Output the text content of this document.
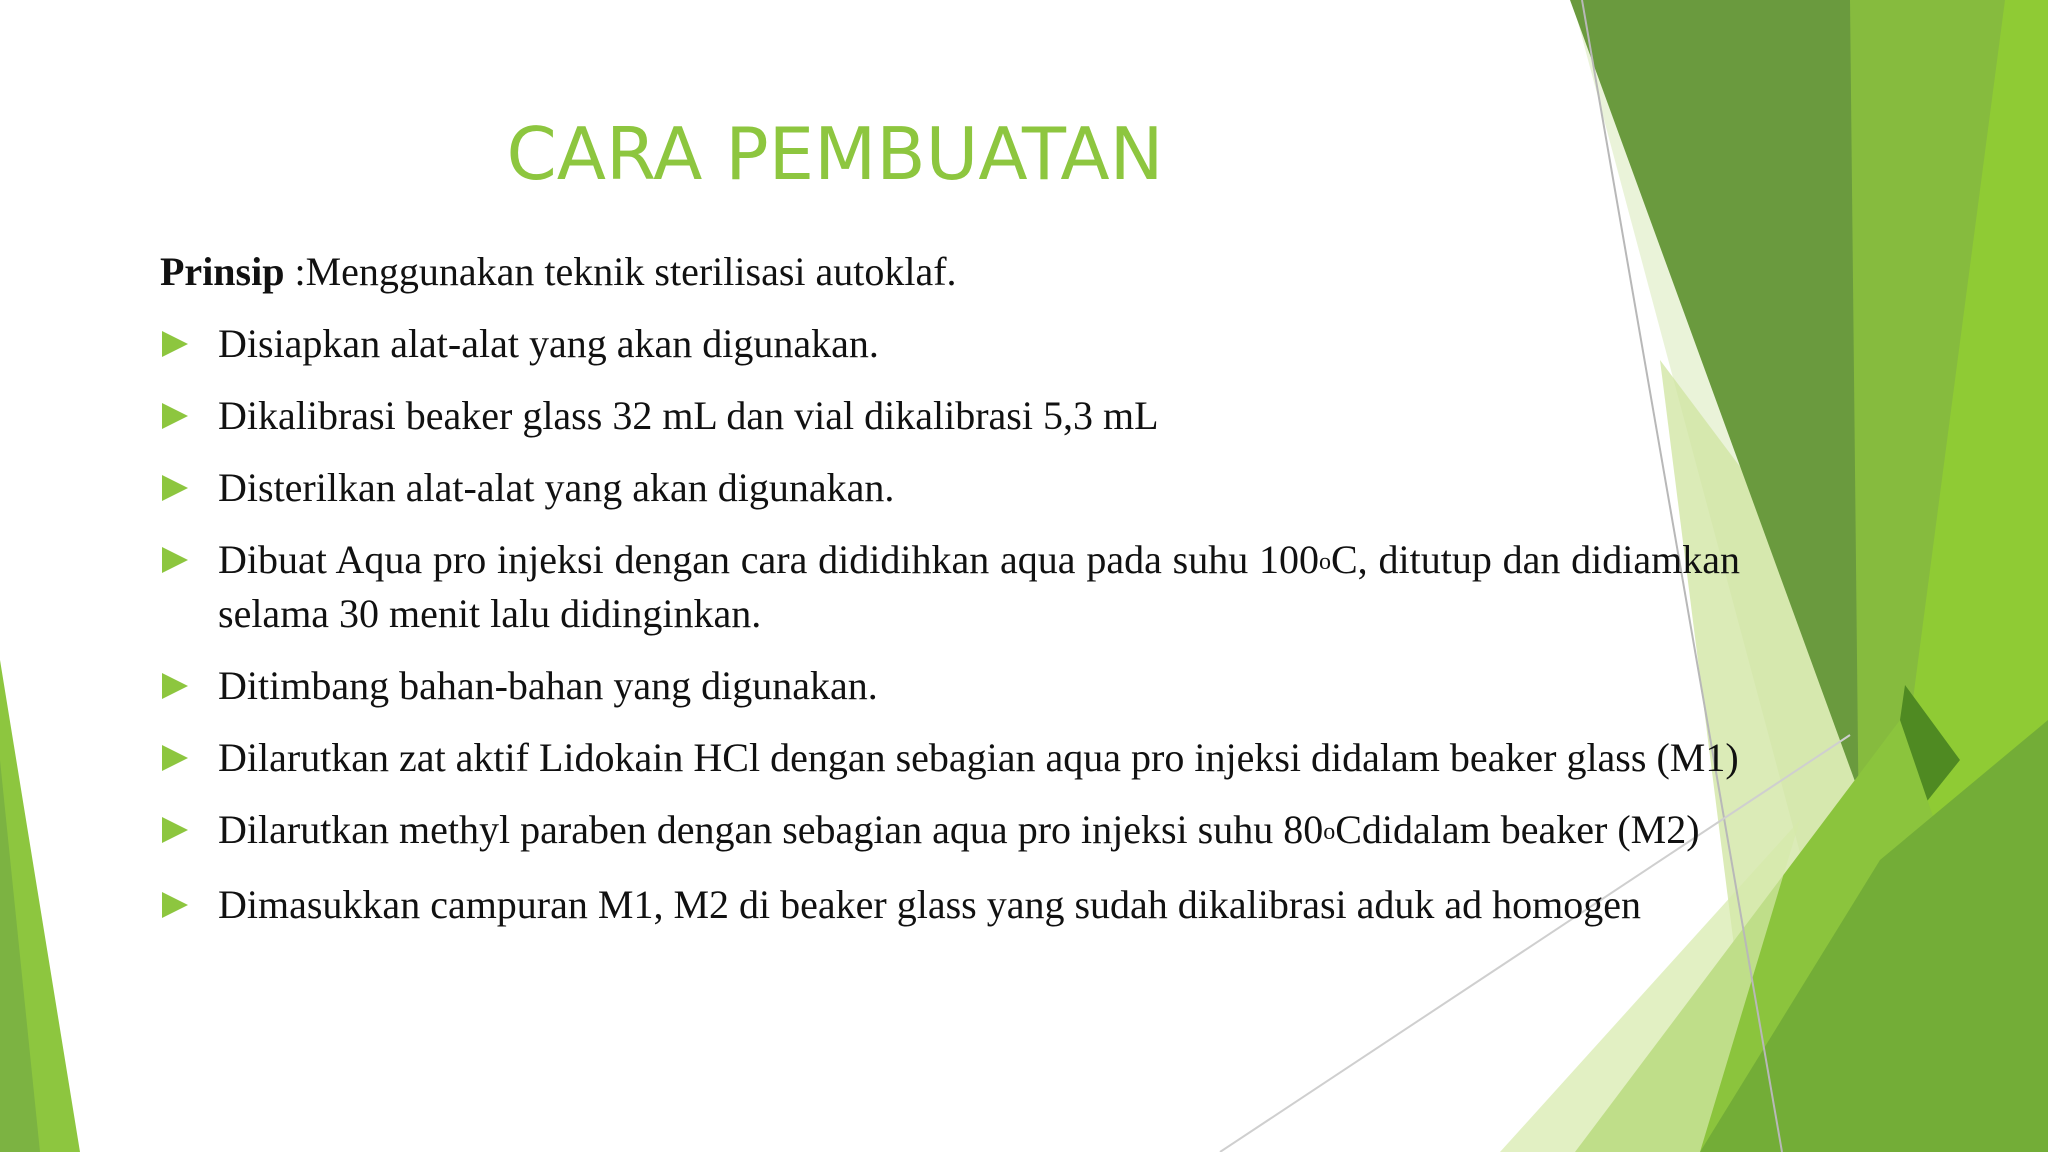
CARA PEMBUATAN
Prinsip :Menggunakan teknik sterilisasi autoklaf.
Disiapkan alat-alat yang akan digunakan.
Dikalibrasi beaker glass 32 mL dan vial dikalibrasi 5,3 mL
Disterilkan alat-alat yang akan digunakan.
Dibuat Aqua pro injeksi dengan cara dididihkan aqua pada suhu 100$^o$C, ditutup dan didiamkan selama 30 menit lalu didinginkan.
Ditimbang bahan-bahan yang digunakan.
Dilarutkan zat aktif Lidokain HCl dengan sebagian aqua pro injeksi didalam beaker glass (M1)
Dilarutkan methyl paraben dengan sebagian aqua pro injeksi suhu 80$^o$Cdidalam beaker (M2)
Dimasukkan campuran M1, M2 di beaker glass yang sudah dikalibrasi aduk ad homogen
